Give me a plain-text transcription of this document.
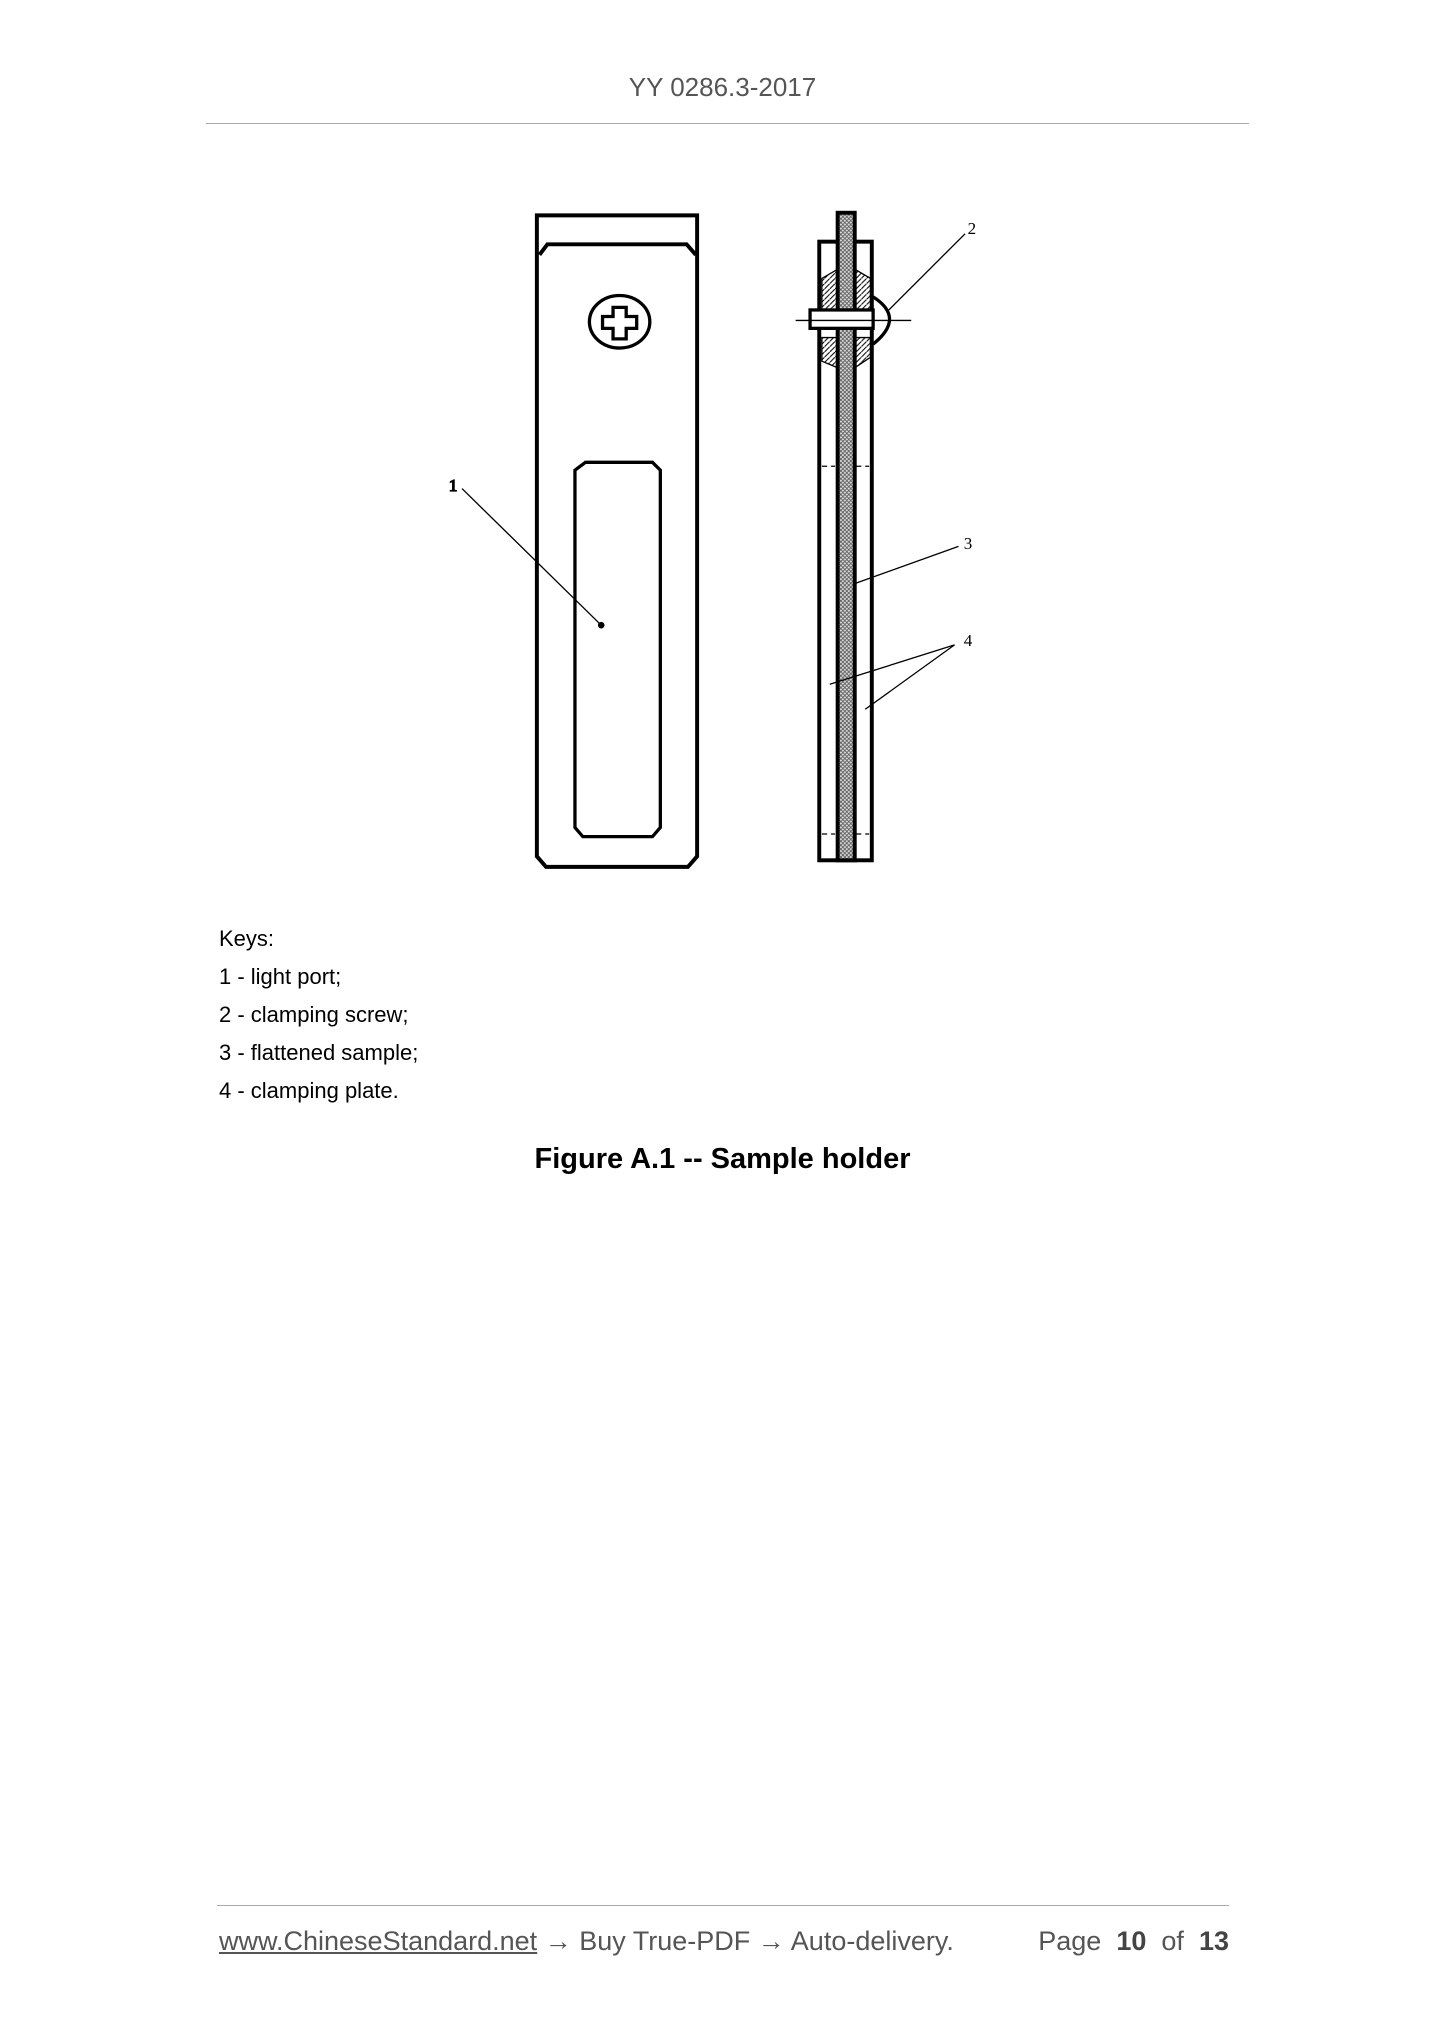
YY 0286.3-2017
1
2
3
4
Keys:
1 - light port;
2 - clamping screw;
3 - flattened sample;
4 - clamping plate.
Figure A.1 -- Sample holder
www.ChineseStandard.net → Buy True-PDF → Auto-delivery.	Page 10 of 13
